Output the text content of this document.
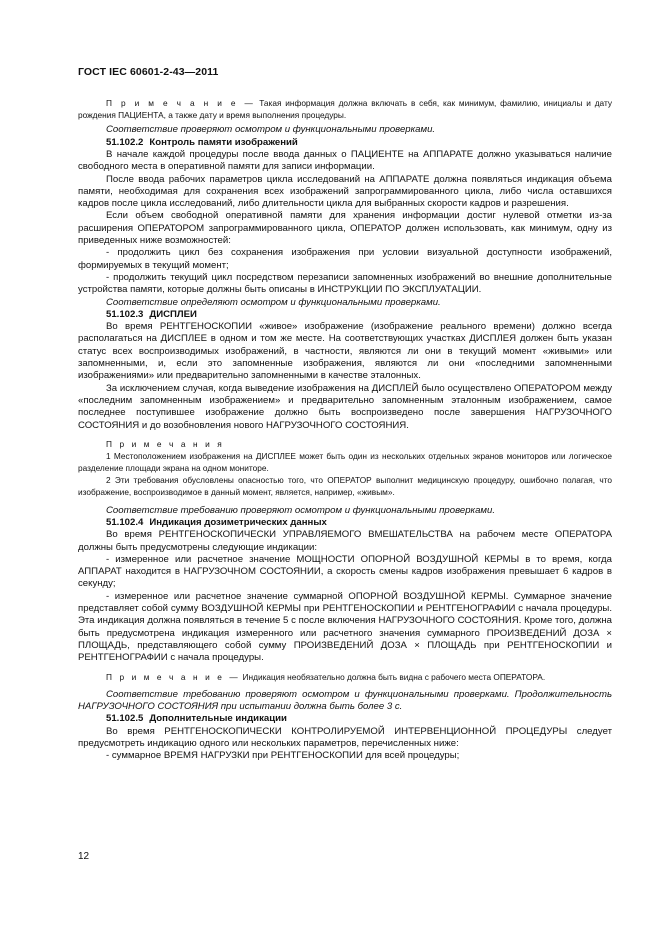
ГОСТ IEC 60601-2-43—2011

П р и м е ч а н и е — Такая информация должна включать в себя, как минимум, фамилию, инициалы и дату рождения ПАЦИЕНТА, а также дату и время выполнения процедуры.

Соответствие проверяют осмотром и функциональными проверками.

51.102.2 Контроль памяти изображений

В начале каждой процедуры после ввода данных о ПАЦИЕНТЕ на АППАРАТЕ должно указываться наличие свободного места в оперативной памяти для записи информации.

После ввода рабочих параметров цикла исследований на АППАРАТЕ должна появляться индикация объема памяти, необходимая для сохранения всех изображений запрограммированного цикла, либо числа оставшихся кадров после цикла исследований, либо длительности цикла для выбранных скорости кадров и разрешения.

Если объем свободной оперативной памяти для хранения информации достиг нулевой отметки из-за расширения ОПЕРАТОРОМ запрограммированного цикла, ОПЕРАТОР должен использовать, как минимум, одну из приведенных ниже возможностей:

- продолжить цикл без сохранения изображения при условии визуальной доступности изображений, формируемых в текущий момент;

- продолжить текущий цикл посредством перезаписи запомненных изображений во внешние дополнительные устройства памяти, которые должны быть описаны в ИНСТРУКЦИИ ПО ЭКСПЛУАТАЦИИ.

Соответствие определяют осмотром и функциональными проверками.

51.102.3 ДИСПЛЕИ

Во время РЕНТГЕНОСКОПИИ «живое» изображение (изображение реального времени) должно всегда располагаться на ДИСПЛЕЕ в одном и том же месте. На соответствующих участках ДИСПЛЕЯ должен быть указан статус всех воспроизводимых изображений, в частности, являются ли они в текущий момент «живыми» или запомненными, и, если это запомненные изображения, являются ли они «последними запомненными изображениями» или предварительно запомненными в качестве эталонных.

За исключением случая, когда выведение изображения на ДИСПЛЕЙ было осуществлено ОПЕРАТОРОМ между «последним запомненным изображением» и предварительно запомненным эталонным изображением, самое последнее поступившее изображение должно быть воспроизведено после завершения НАГРУЗОЧНОГО СОСТОЯНИЯ и до возобновления нового НАГРУЗОЧНОГО СОСТОЯНИЯ.

П р и м е ч а н и я

1 Местоположением изображения на ДИСПЛЕЕ может быть один из нескольких отдельных экранов мониторов или логическое разделение площади экрана на одном мониторе.

2 Эти требования обусловлены опасностью того, что ОПЕРАТОР выполнит медицинскую процедуру, ошибочно полагая, что изображение, воспроизводимое в данный момент, является, например, «живым».

Соответствие требованию проверяют осмотром и функциональными проверками.

51.102.4 Индикация дозиметрических данных

Во время РЕНТГЕНОСКОПИЧЕСКИ УПРАВЛЯЕМОГО ВМЕШАТЕЛЬСТВА на рабочем месте ОПЕРАТОРА должны быть предусмотрены следующие индикации:

- измеренное или расчетное значение МОЩНОСТИ ОПОРНОЙ ВОЗДУШНОЙ КЕРМЫ в то время, когда АППАРАТ находится в НАГРУЗОЧНОМ СОСТОЯНИИ, а скорость смены кадров изображения превышает 6 кадров в секунду;

- измеренное или расчетное значение суммарной ОПОРНОЙ ВОЗДУШНОЙ КЕРМЫ. Суммарное значение представляет собой сумму ВОЗДУШНОЙ КЕРМЫ при РЕНТГЕНОСКОПИИ и РЕНТГЕНОГРАФИИ с начала процедуры. Эта индикация должна появляться в течение 5 с после включения НАГРУЗОЧНОГО СОСТОЯНИЯ. Кроме того, должна быть предусмотрена индикация измеренного или расчетного значения суммарного ПРОИЗВЕДЕНИЙ ДОЗА × ПЛОЩАДЬ, представляющего собой сумму ПРОИЗВЕДЕНИЙ ДОЗА × ПЛОЩАДЬ при РЕНТГЕНОСКОПИИ и РЕНТГЕНОГРАФИИ с начала процедуры.

П р и м е ч а н и е — Индикация необязательно должна быть видна с рабочего места ОПЕРАТОРА.

Соответствие требованию проверяют осмотром и функциональными проверками. Продолжительность НАГРУЗОЧНОГО СОСТОЯНИЯ при испытании должна быть более 3 с.

51.102.5 Дополнительные индикации

Во время РЕНТГЕНОСКОПИЧЕСКИ КОНТРОЛИРУЕМОЙ ИНТЕРВЕНЦИОННОЙ ПРОЦЕДУРЫ следует предусмотреть индикацию одного или нескольких параметров, перечисленных ниже:

- суммарное ВРЕМЯ НАГРУЗКИ при РЕНТГЕНОСКОПИИ для всей процедуры;

12
